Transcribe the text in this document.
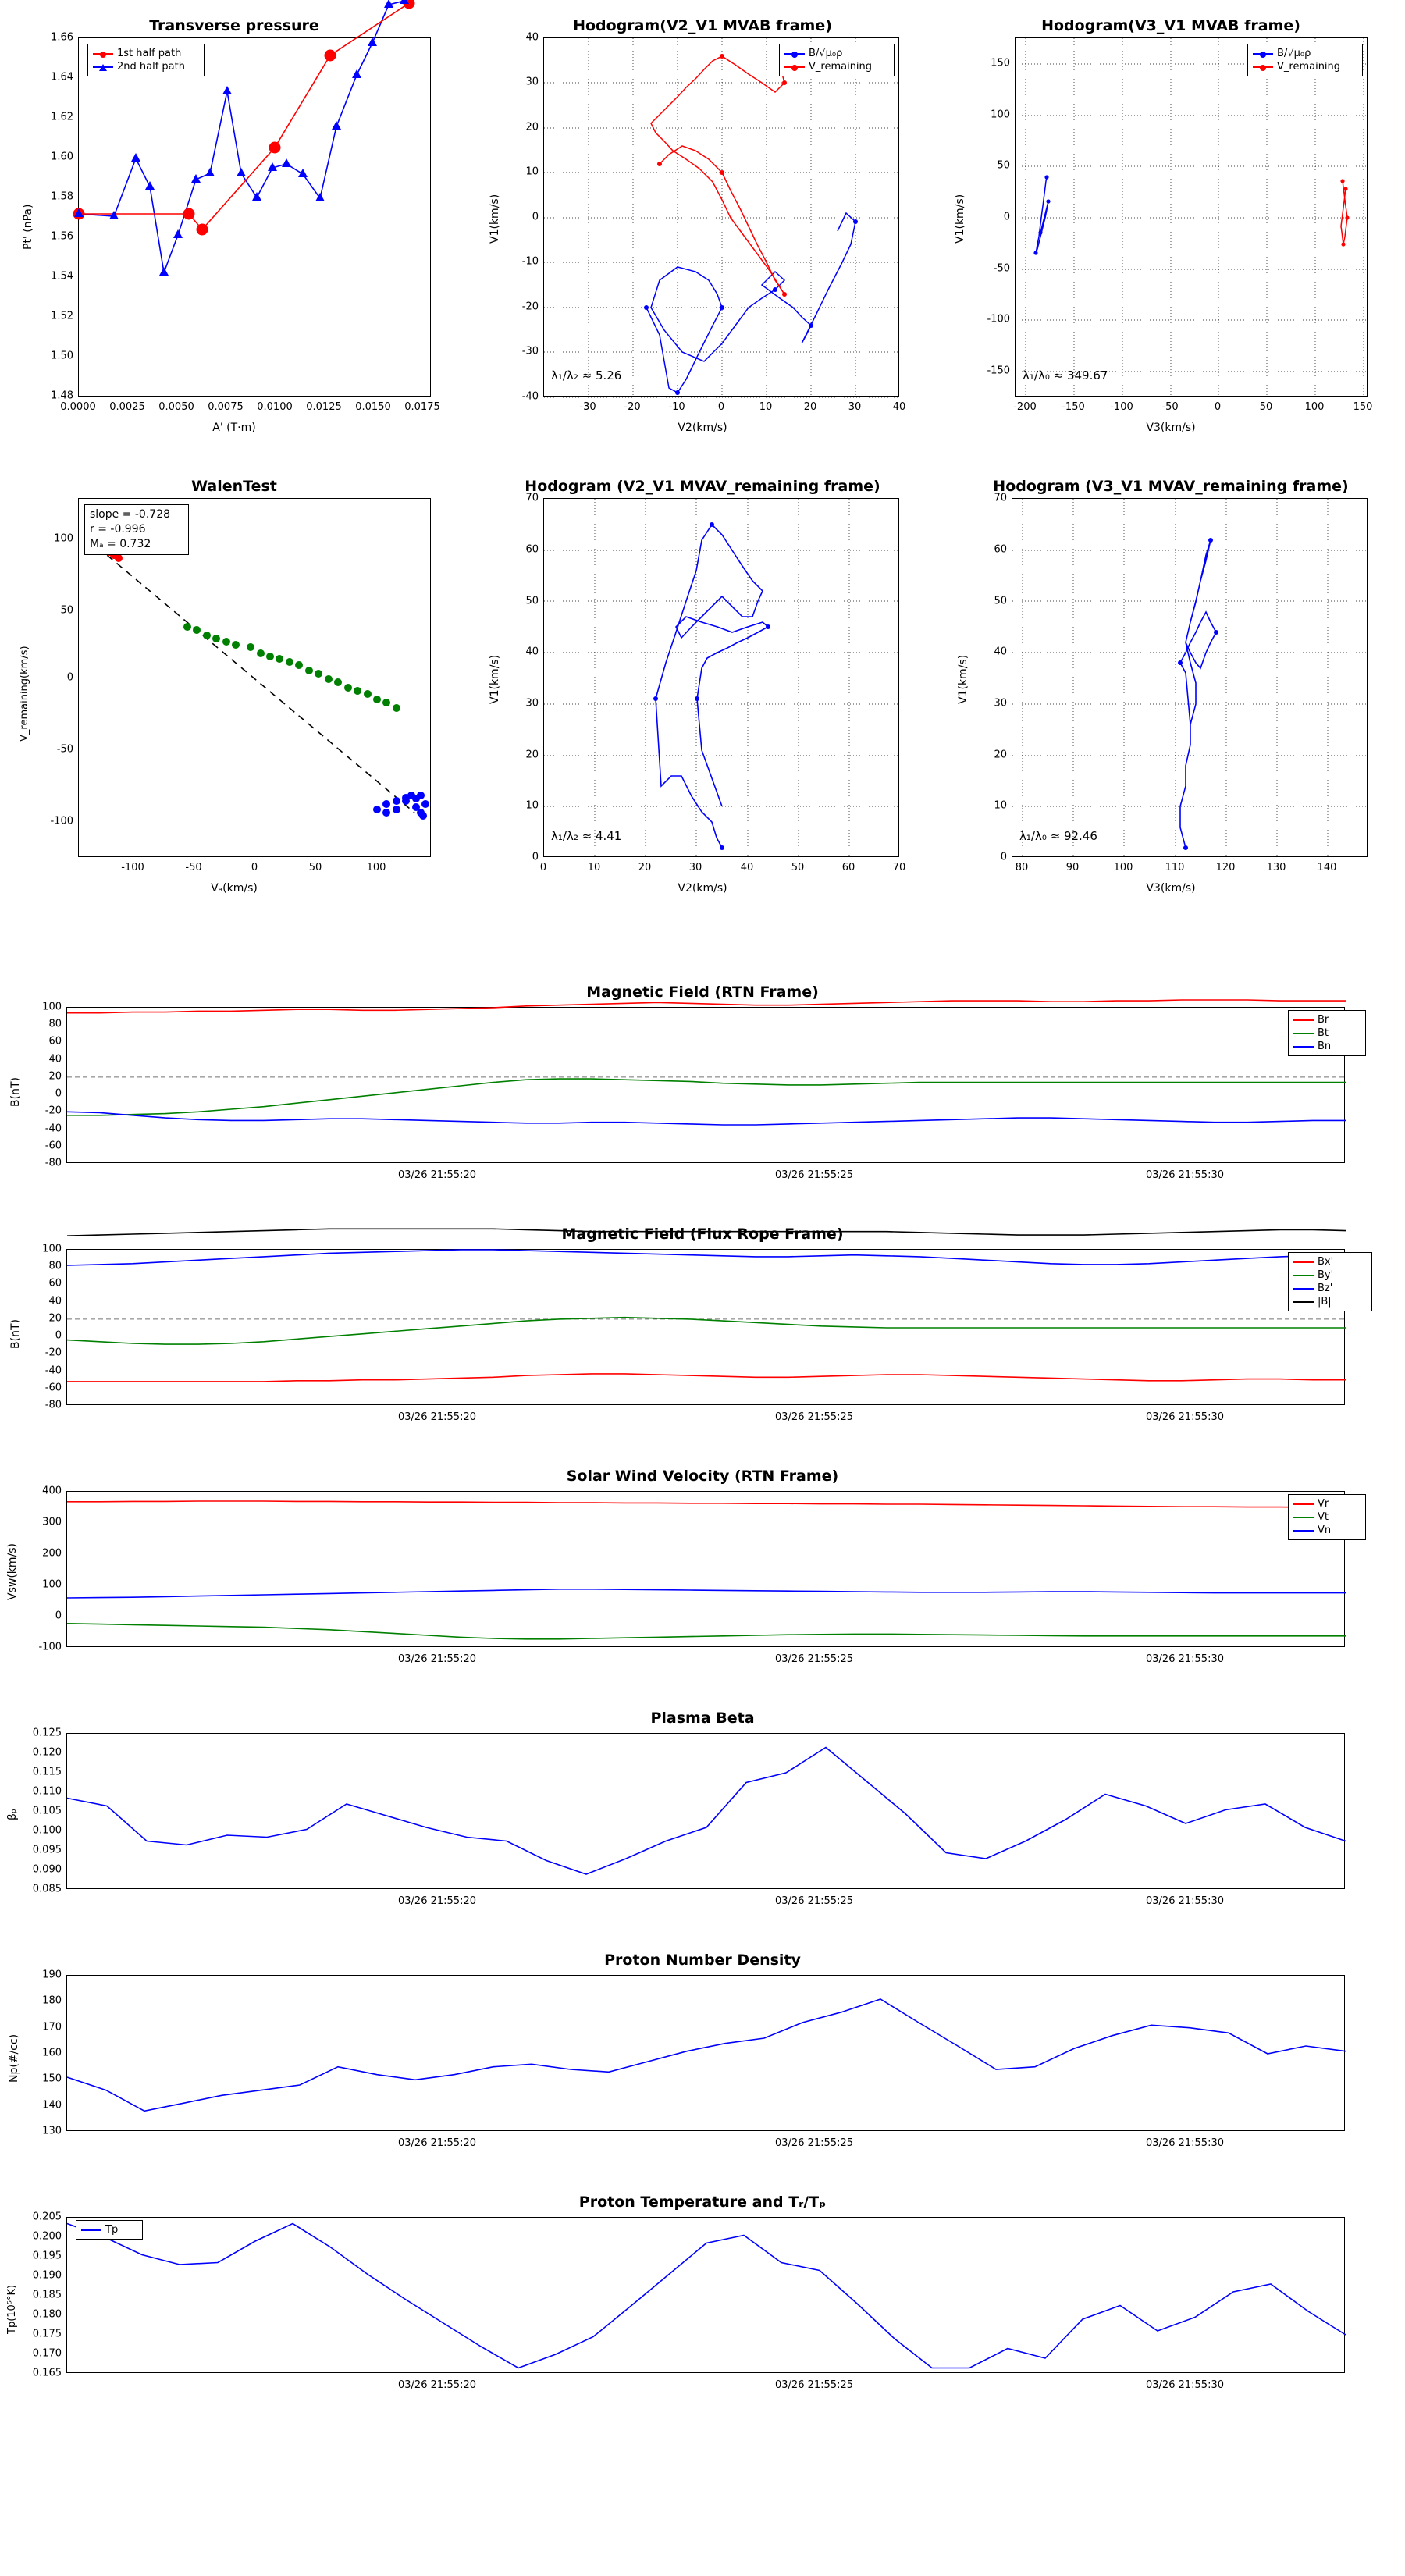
Transverse pressure
1st half path
2nd half path
1.66
1.64
1.62
1.60
1.58
1.56
1.54
1.52
1.50
1.48
0.0000 0.0025 0.0050 0.0075 0.0100 0.0125 0.0150 0.0175
A' (T·m)
Pt' (nPa)
Hodogram(V2_V1 MVAB frame)
B/√μ₀ρ
V_remaining
λ₁/λ₂ ≈ 5.26
40
30
20
10
0
-10
-20
-30
-40
-30	-20	-10	0	10	20	30	40
V2(km/s)
V1(km/s)
Hodogram(V3_V1 MVAB frame)
B/√μ₀ρ
V_remaining
λ₁/λ₀ ≈ 349.67
150
100
50
0
-50
-100
-150
-200 -150 -100	-50	0	50	100	150
V3(km/s)
V1(km/s)
WalenTest
slope = -0.728
r = -0.996
Mₐ = 0.732
100
50
0
-50
-100
-100	-50	0	50	100
Vₐ(km/s)
V_remaining(km/s)
Hodogram (V2_V1 MVAV_remaining frame)
λ₁/λ₂ ≈ 4.41
70
60
50
40
30
20
10
0
0	10	20	30	40	50	60	70
V2(km/s)
V1(km/s)
Hodogram (V3_V1 MVAV_remaining frame)
λ₁/λ₀ ≈ 92.46
70
60
50
40
30
20
10
0
80	90	100	110	120	130	140
V3(km/s)
V1(km/s)
Magnetic Field (RTN Frame)
Br
Bt
Bn
100
80
60
40
20
0
-20
-40
-60
-80
03/26 21:55:20	03/26 21:55:25	03/26 21:55:30
B(nT)
Magnetic Field (Flux Rope Frame)
Bx'
By'
Bz'
|B|
100
80
60
40
20
0
-20
-40
-60
-80
03/26 21:55:20	03/26 21:55:25	03/26 21:55:30
B(nT)
Solar Wind Velocity (RTN Frame)
Vr
Vt
Vn
400
300
200
100
0
-100
03/26 21:55:20	03/26 21:55:25	03/26 21:55:30
Vsw(km/s)
Plasma Beta
0.125
0.120
0.115
0.110
0.105
0.100
0.095
0.090
0.085
03/26 21:55:20	03/26 21:55:25	03/26 21:55:30
βₚ
Proton Number Density
190
180
170
160
150
140
130
03/26 21:55:20	03/26 21:55:25	03/26 21:55:30
Np(#/cc)
Proton Temperature and Tᵣ/Tₚ
Tp
0.205
0.200
0.195
0.190
0.185
0.180
0.175
0.170
0.165
03/26 21:55:20	03/26 21:55:25	03/26 21:55:30
Tp(10⁵°K)
